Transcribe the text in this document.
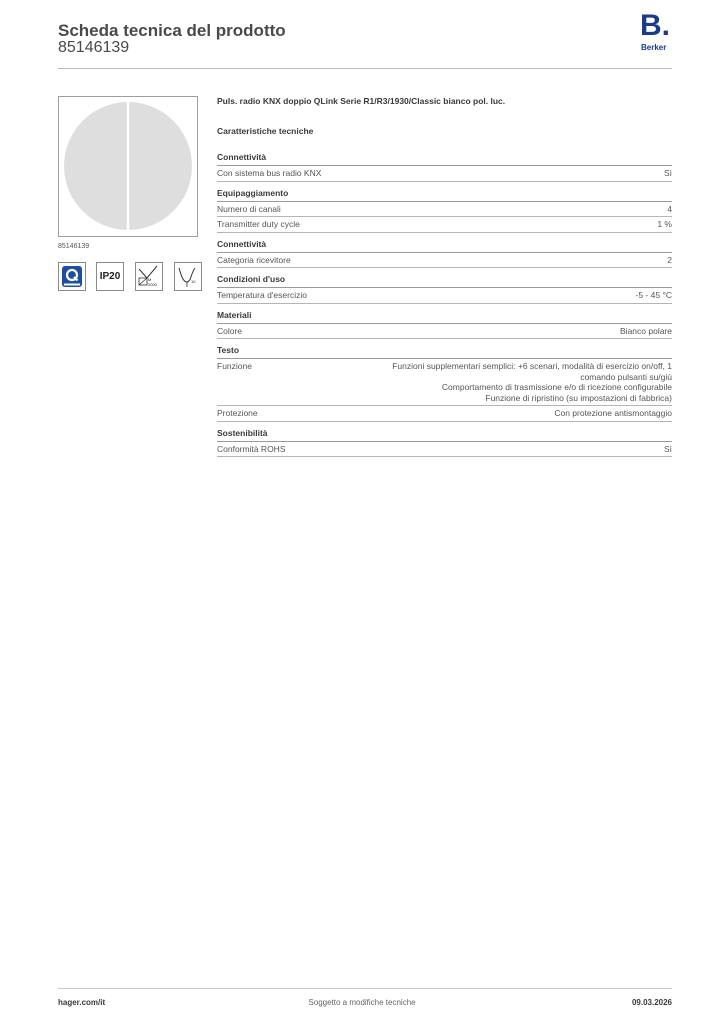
Scheda tecnica del prodotto
85146139
B.
Berker
85146139
IP20	M
2000
10
Puls. radio KNX doppio QLink Serie R1/R3/1930/Classic bianco pol. luc.
Caratteristiche tecniche
Connettività
Con sistema bus radio KNX	Sì
Equipaggiamento
Numero di canali	4
Transmitter duty cycle	1 %
Connettività
Categoria ricevitore	2
Condizioni d'uso
Temperatura d'esercizio	-5 - 45 °C
Materiali
Colore	Bianco polare
Testo
Funzione	Funzioni supplementari semplici: +6 scenari, modalità di esercizio on/off, 1
comando pulsanti su/giù
Comportamento di trasmissione e/o di ricezione configurabile
Funzione di ripristino (su impostazioni di fabbrica)
Protezione	Con protezione antismontaggio
Sostenibilità
Conformità ROHS	Sì
hager.com/it	Soggetto a modifiche tecniche	09.03.2026
